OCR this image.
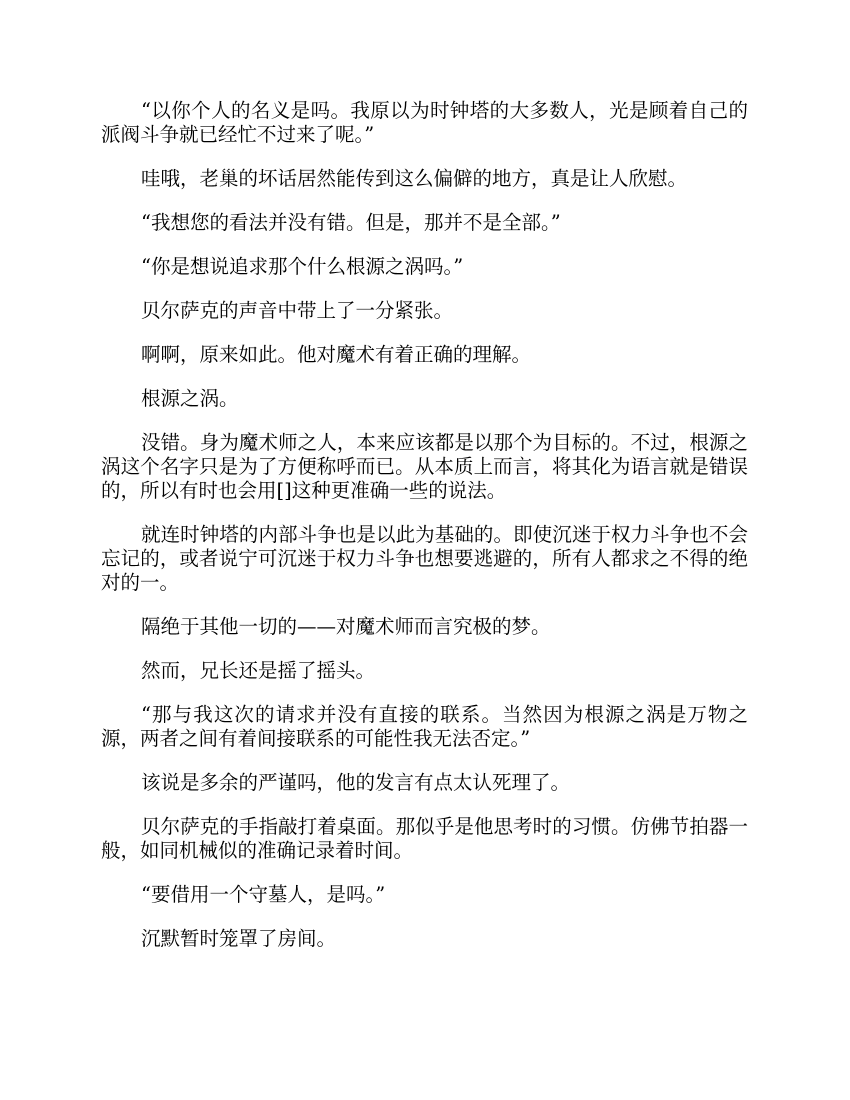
“以你个人的名义是吗。我原以为时钟塔的大多数人，光是顾着自己的派阀斗争就已经忙不过来了呢。”

哇哦，老巢的坏话居然能传到这么偏僻的地方，真是让人欣慰。

“我想您的看法并没有错。但是，那并不是全部。”

“你是想说追求那个什么根源之涡吗。”

贝尔萨克的声音中带上了一分紧张。

啊啊，原来如此。他对魔术有着正确的理解。

根源之涡。

没错。身为魔术师之人，本来应该都是以那个为目标的。不过，根源之涡这个名字只是为了方便称呼而已。从本质上而言，将其化为语言就是错误的，所以有时也会用[]这种更准确一些的说法。

就连时钟塔的内部斗争也是以此为基础的。即使沉迷于权力斗争也不会忘记的，或者说宁可沉迷于权力斗争也想要逃避的，所有人都求之不得的绝对的一。

隔绝于其他一切的——对魔术师而言究极的梦。

然而，兄长还是摇了摇头。

“那与我这次的请求并没有直接的联系。当然因为根源之涡是万物之源，两者之间有着间接联系的可能性我无法否定。”

该说是多余的严谨吗，他的发言有点太认死理了。

贝尔萨克的手指敲打着桌面。那似乎是他思考时的习惯。仿佛节拍器一般，如同机械似的准确记录着时间。

“要借用一个守墓人，是吗。”

沉默暂时笼罩了房间。
